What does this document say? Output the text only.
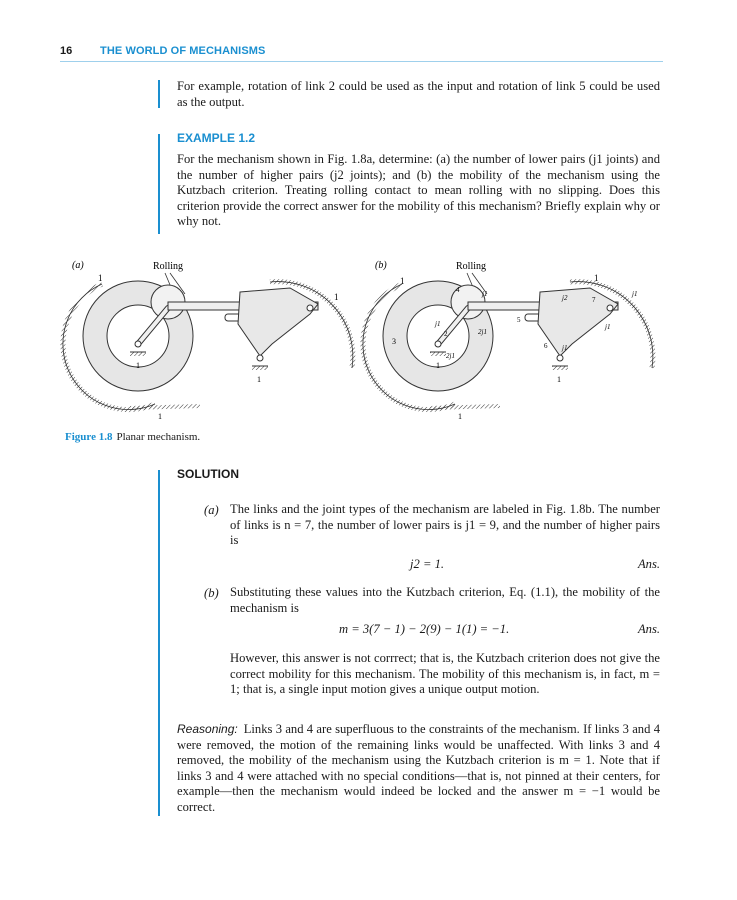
16	THE WORLD OF MECHANISMS

For example, rotation of link 2 could be used as the input and rotation of link 5 could be used as the output.

EXAMPLE 1.2

For the mechanism shown in Fig. 1.8a, determine: (a) the number of lower pairs (j1 joints) and the number of higher pairs (j2 joints); and (b) the mobility of the mechanism using the Kutzbach criterion. Treating rolling contact to mean rolling with no slipping. Does this criterion provide the correct answer for the mobility of this mechanism? Briefly explain why or why not.

(a)	Rolling
1
1
1
1
1
(b)	Rolling
1
1
1
1
3
4
2
5
6
7
1
j1
j1
j1
j1
j1
j2
2j1
2j1
Figure 1.8 Planar mechanism.
SOLUTION
(a) The links and the joint types of the mechanism are labeled in Fig. 1.8b. The number of links is n = 7, the number of lower pairs is j1 = 9, and the number of higher pairs is

j2 = 1.	Ans.
(b) Substituting these values into the Kutzbach criterion, Eq. (1.1), the mobility of the mechanism is

m = 3(7 − 1) − 2(9) − 1(1) = −1.	Ans.

However, this answer is not corrrect; that is, the Kutzbach criterion does not give the correct mobility for this mechanism. The mobility of this mechanism is, in fact, m = 1; that is, a single input motion gives a unique output motion.

Reasoning: Links 3 and 4 are superfluous to the constraints of the mechanism. If links 3 and 4 were removed, the motion of the remaining links would be unaffected. With links 3 and 4 removed, the mobility of the mechanism using the Kutzbach criterion is m = 1. Note that if links 3 and 4 were attached with no special conditions—that is, not pinned at their centers, for example—then the mechanism would indeed be locked and the answer m = −1 would be correct.
